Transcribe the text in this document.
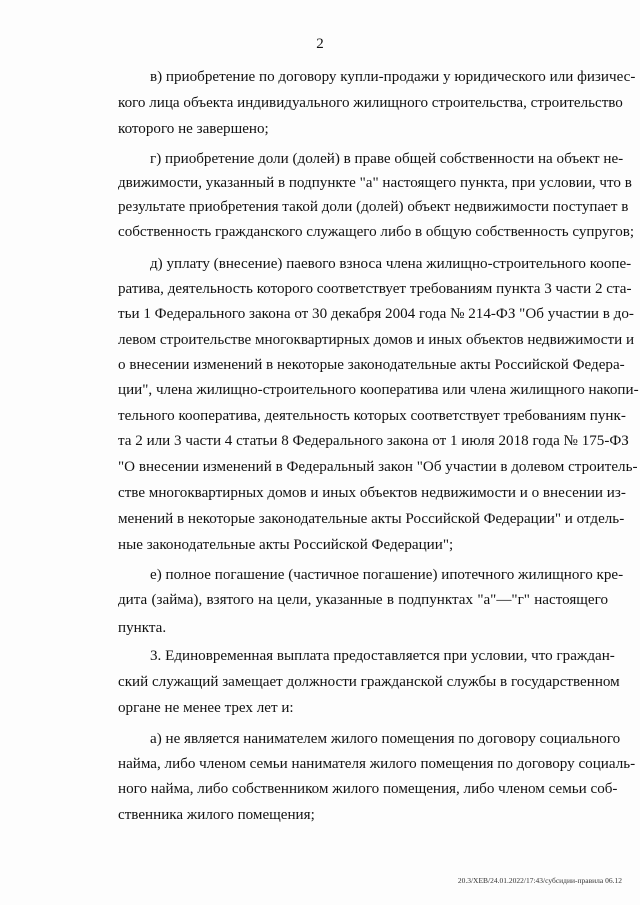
2
в) приобретение по договору купли-продажи у юридического или физичес-
кого лица объекта индивидуального жилищного строительства, строительство
которого не завершено;
г) приобретение доли (долей) в праве общей собственности на объект не-
движимости, указанный в подпункте "а" настоящего пункта, при условии, что в
результате приобретения такой доли (долей) объект недвижимости поступает в
собственность гражданского служащего либо в общую собственность супругов;
д) уплату (внесение) паевого взноса члена жилищно-строительного коопе-
ратива, деятельность которого соответствует требованиям пункта 3 части 2 ста-
тьи 1 Федерального закона от 30 декабря 2004 года № 214-ФЗ "Об участии в до-
левом строительстве многоквартирных домов и иных объектов недвижимости и
о внесении изменений в некоторые законодательные акты Российской Федера-
ции", члена жилищно-строительного кооператива или члена жилищного накопи-
тельного кооператива, деятельность которых соответствует требованиям пунк-
та 2 или 3 части 4 статьи 8 Федерального закона от 1 июля 2018 года № 175-ФЗ
"О внесении изменений в Федеральный закон "Об участии в долевом строитель-
стве многоквартирных домов и иных объектов недвижимости и о внесении из-
менений в некоторые законодательные акты Российской Федерации" и отдель-
ные законодательные акты Российской Федерации";
е) полное погашение (частичное погашение) ипотечного жилищного кре-
дита (займа), взятого на цели, указанные в подпунктах "а"—"г" настоящего
пункта.
3. Единовременная выплата предоставляется при условии, что граждан-
ский служащий замещает должности гражданской службы в государственном
органе не менее трех лет и:
а) не является нанимателем жилого помещения по договору социального
найма, либо членом семьи нанимателя жилого помещения по договору социаль-
ного найма, либо собственником жилого помещения, либо членом семьи соб-
ственника жилого помещения;
20.3/ХЕВ/24.01.2022/17:43/субсидии-правила 06.12
